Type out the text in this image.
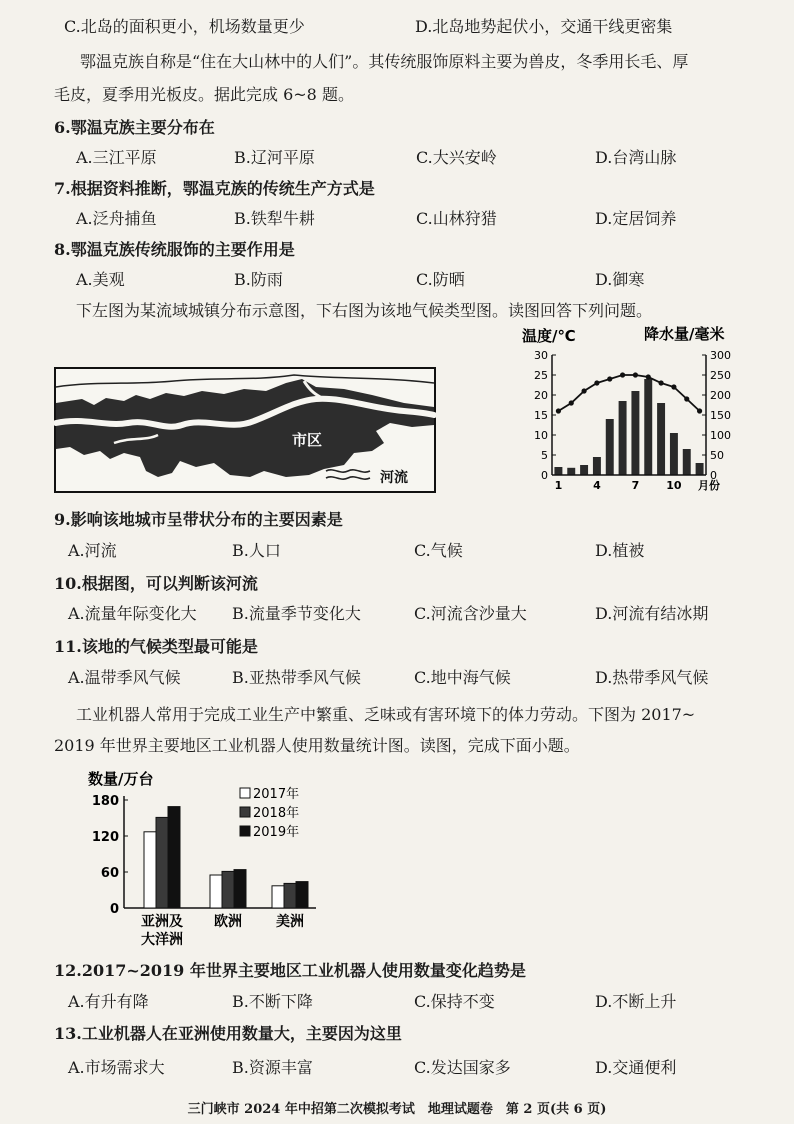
C.北岛的面积更小，机场数量更少	D.北岛地势起伏小，交通干线更密集
鄂温克族自称是“住在大山林中的人们”。其传统服饰原料主要为兽皮，冬季用长毛、厚
毛皮，夏季用光板皮。据此完成 6~8 题。
6.鄂温克族主要分布在
A.三江平原	B.辽河平原	C.大兴安岭	D.台湾山脉
7.根据资料推断，鄂温克族的传统生产方式是
A.泛舟捕鱼	B.铁犁牛耕	C.山林狩猎	D.定居饲养
8.鄂温克族传统服饰的主要作用是
A.美观	B.防雨	C.防晒	D.御寒
下左图为某流域城镇分布示意图，下右图为该地气候类型图。读图回答下列问题。
市区
河流
温度/℃	降水量/毫米
0
5
10
15
20
25
30
0
50
100
150
200
250
300
1	4	7 10 月份
9.影响该地城市呈带状分布的主要因素是
A.河流	B.人口	C.气候	D.植被
10.根据图，可以判断该河流
A.流量年际变化大 B.流量季节变化大	C.河流含沙量大	D.河流有结冰期
11.该地的气候类型最可能是
A.温带季风气候	B.亚热带季风气候	C.地中海气候	D.热带季风气候
工业机器人常用于完成工业生产中繁重、乏味或有害环境下的体力劳动。下图为 2017~
2019 年世界主要地区工业机器人使用数量统计图。读图，完成下面小题。
数量/万台
0
60
120
180	2017年
2018年
2019年
亚洲及
大洋洲
欧洲 美洲
12.2017~2019 年世界主要地区工业机器人使用数量变化趋势是
A.有升有降	B.不断下降	C.保持不变	D.不断上升
13.工业机器人在亚洲使用数量大，主要因为这里
A.市场需求大	B.资源丰富	C.发达国家多	D.交通便利
三门峡市 2024 年中招第二次模拟考试　地理试题卷　第 2 页(共 6 页)
